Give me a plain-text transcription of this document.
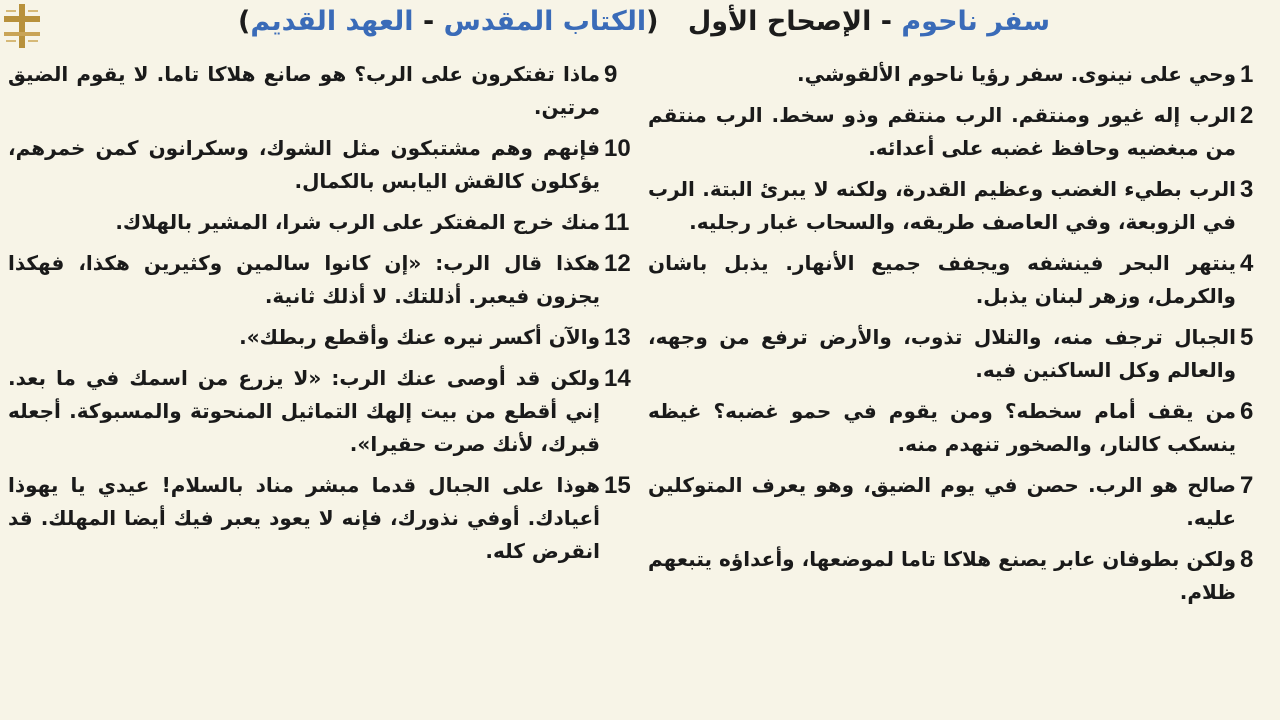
سفر ناحوم - الإصحاح الأول
(الكتاب المقدس - العهد القديم)
1
وحي على نينوى. سفر رؤيا ناحوم الألقوشي.
2
الرب إله غيور ومنتقم. الرب منتقم وذو سخط. الرب منتقم من مبغضيه وحافظ غضبه على أعدائه.
3
الرب بطيء الغضب وعظيم القدرة، ولكنه لا يبرئ البتة. الرب في الزوبعة، وفي العاصف طريقه، والسحاب غبار رجليه.
4
ينتهر البحر فينشفه ويجفف جميع الأنهار. يذبل باشان والكرمل، وزهر لبنان يذبل.
5
الجبال ترجف منه، والتلال تذوب، والأرض ترفع من وجهه، والعالم وكل الساكنين فيه.
6
من يقف أمام سخطه؟ ومن يقوم في حمو غضبه؟ غيظه ينسكب كالنار، والصخور تنهدم منه.
7
صالح هو الرب. حصن في يوم الضيق، وهو يعرف المتوكلين عليه.
8
ولكن بطوفان عابر يصنع هلاكا تاما لموضعها، وأعداؤه يتبعهم ظلام.
9
ماذا تفتكرون على الرب؟ هو صانع هلاكا تاما. لا يقوم الضيق مرتين.
10
فإنهم وهم مشتبكون مثل الشوك، وسكرانون كمن خمرهم، يؤكلون كالقش اليابس بالكمال.
11
منك خرج المفتكر على الرب شرا، المشير بالهلاك.
12
هكذا قال الرب: «إن كانوا سالمين وكثيرين هكذا، فهكذا يجزون فيعبر. أذللتك. لا أذلك ثانية.
13
والآن أكسر نيره عنك وأقطع ربطك».
14
ولكن قد أوصى عنك الرب: «لا يزرع من اسمك في ما بعد. إني أقطع من بيت إلهك التماثيل المنحوتة والمسبوكة. أجعله قبرك، لأنك صرت حقيرا».
15
هوذا على الجبال قدما مبشر مناد بالسلام! عيدي يا يهوذا أعيادك. أوفي نذورك، فإنه لا يعود يعبر فيك أيضا المهلك. قد انقرض كله.
